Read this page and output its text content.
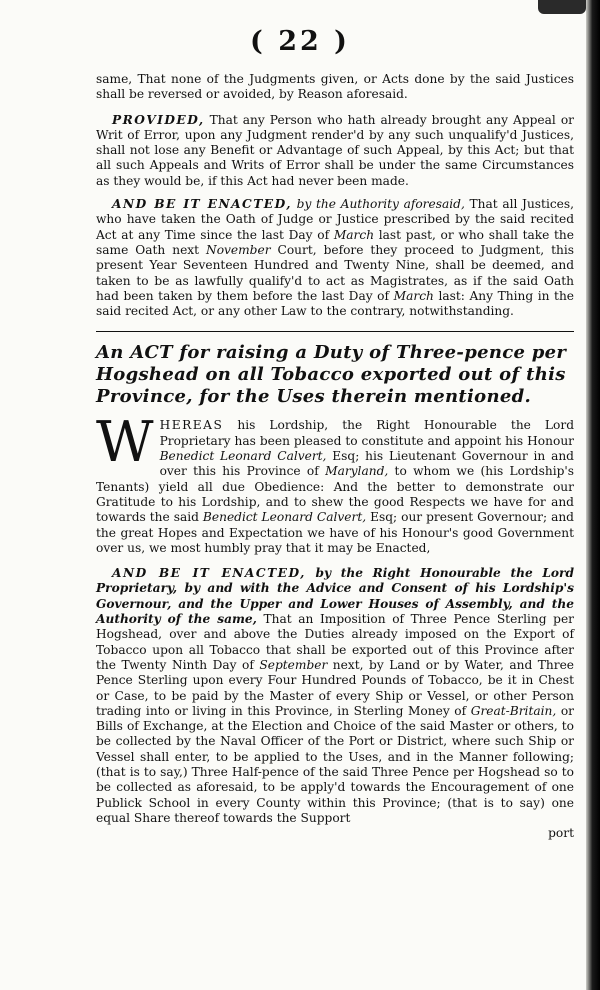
( 22 )

same, That none of the Judgments given, or Acts done by the said Justices shall be reversed or avoided, by Reason aforesaid.

PROVIDED, That any Person who hath already brought any Appeal or Writ of Error, upon any Judgment render'd by any such unqualify'd Justices, shall not lose any Benefit or Advantage of such Appeal, by this Act; but that all such Appeals and Writs of Error shall be under the same Circumstances as they would be, if this Act had never been made.

AND BE IT ENACTED, by the Authority aforesaid, That all Justices, who have taken the Oath of Judge or Justice prescribed by the said recited Act at any Time since the last Day of March last past, or who shall take the same Oath next November Court, before they proceed to Judgment, this present Year Seventeen Hundred and Twenty Nine, shall be deemed, and taken to be as lawfully qualify'd to act as Magistrates, as if the said Oath had been taken by them before the last Day of March last: Any Thing in the said recited Act, or any other Law to the contrary, notwithstanding.

An ACT for raising a Duty of Three-pence per Hogshead on all Tobacco exported out of this Province, for the Uses therein mentioned.

WHEREAS his Lordship, the Right Honourable the Lord Proprietary has been pleased to constitute and appoint his Honour Benedict Leonard Calvert, Esq; his Lieutenant Governour in and over this his Province of Maryland, to whom we (his Lordship's Tenants) yield all due Obedience: And the better to demonstrate our Gratitude to his Lordship, and to shew the good Respects we have for and towards the said Benedict Leonard Calvert, Esq; our present Governour; and the great Hopes and Expectation we have of his Honour's good Government over us, we most humbly pray that it may be Enacted,

AND BE IT ENACTED, by the Right Honourable the Lord Proprietary, by and with the Advice and Consent of his Lordship's Governour, and the Upper and Lower Houses of Assembly, and the Authority of the same, That an Imposition of Three Pence Sterling per Hogshead, over and above the Duties already imposed on the Export of Tobacco upon all Tobacco that shall be exported out of this Province after the Twenty Ninth Day of September next, by Land or by Water, and Three Pence Sterling upon every Four Hundred Pounds of Tobacco, be it in Chest or Case, to be paid by the Master of every Ship or Vessel, or other Person trading into or living in this Province, in Sterling Money of Great-Britain, or Bills of Exchange, at the Election and Choice of the said Master or others, to be collected by the Naval Officer of the Port or District, where such Ship or Vessel shall enter, to be applied to the Uses, and in the Manner following; (that is to say,) Three Half-pence of the said Three Pence per Hogshead so to be collected as aforesaid, to be apply'd towards the Encouragement of one Publick School in every County within this Province; (that is to say) one equal Share thereof towards the Support

port
